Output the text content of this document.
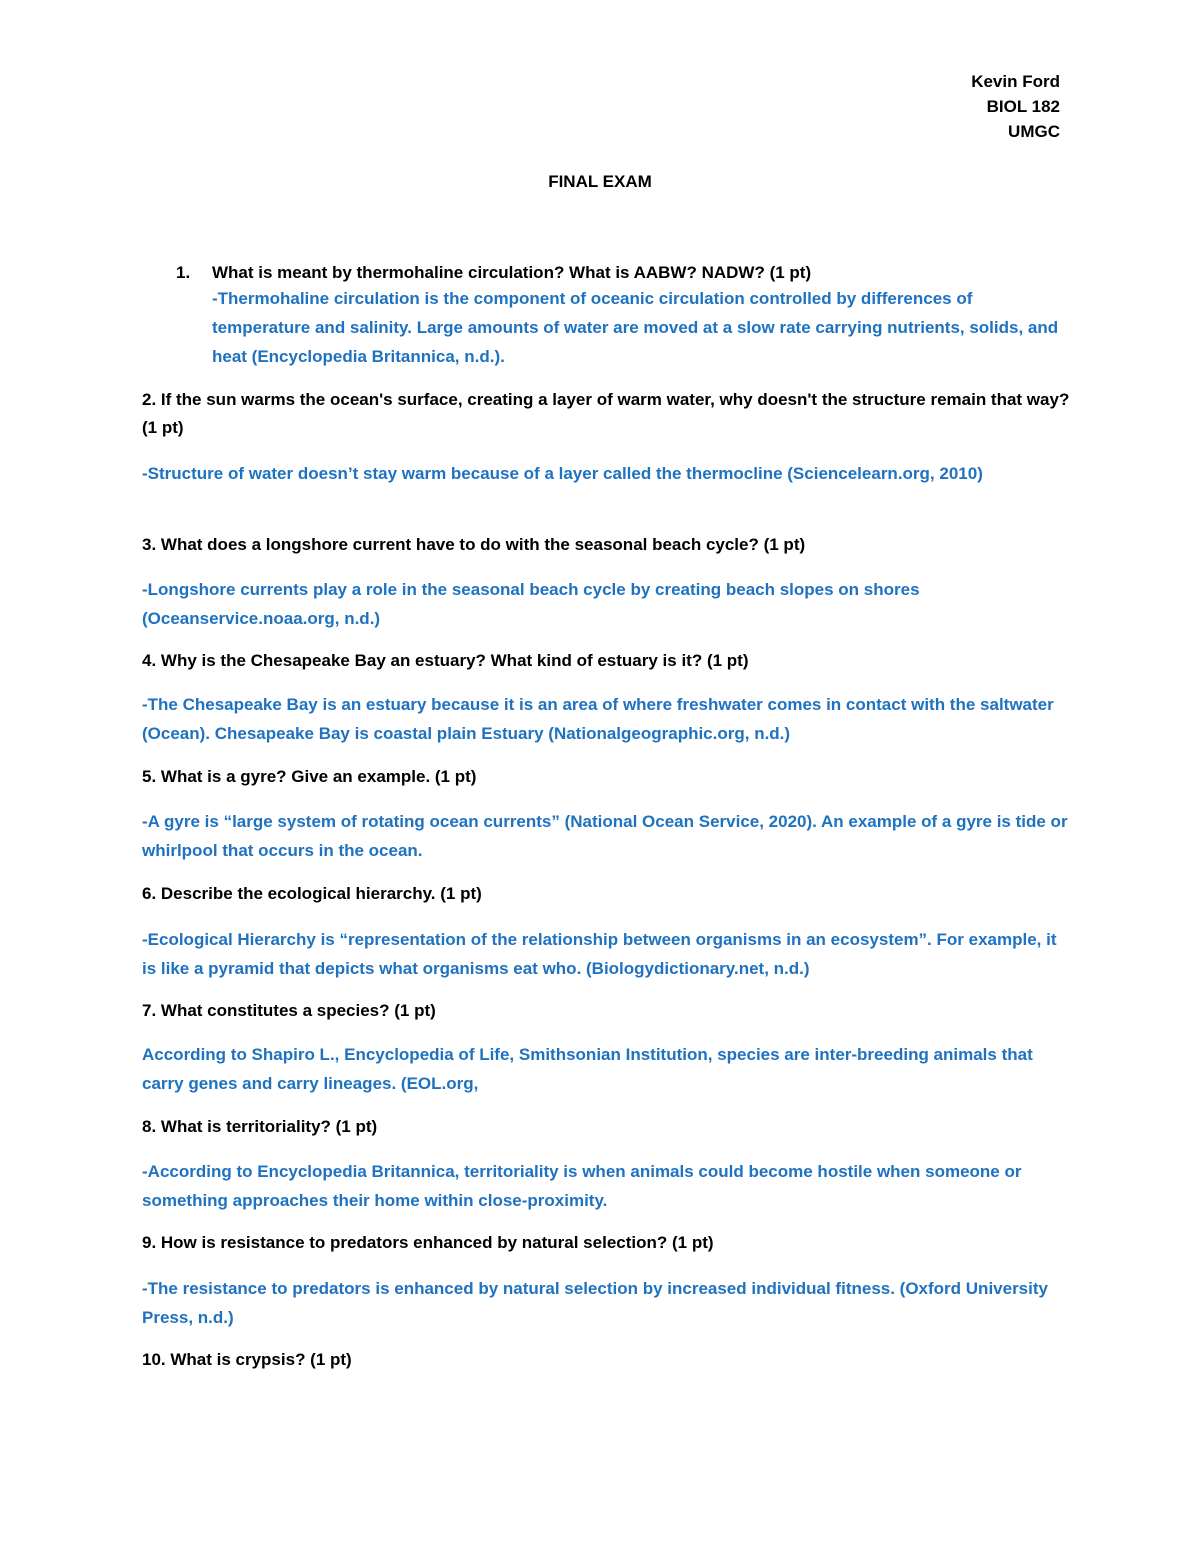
Kevin Ford
BIOL 182
UMGC
FINAL EXAM
1. What is meant by thermohaline circulation? What is AABW? NADW? (1 pt)
-Thermohaline circulation is the component of oceanic circulation controlled by differences of temperature and salinity. Large amounts of water are moved at a slow rate carrying nutrients, solids, and heat (Encyclopedia Britannica, n.d.).
2. If the sun warms the ocean's surface, creating a layer of warm water, why doesn't the structure remain that way? (1 pt)
-Structure of water doesn’t stay warm because of a layer called the thermocline (Sciencelearn.org, 2010)
3. What does a longshore current have to do with the seasonal beach cycle? (1 pt)
-Longshore currents play a role in the seasonal beach cycle by creating beach slopes on shores (Oceanservice.noaa.org, n.d.)
4. Why is the Chesapeake Bay an estuary? What kind of estuary is it? (1 pt)
-The Chesapeake Bay is an estuary because it is an area of where freshwater comes in contact with the saltwater (Ocean). Chesapeake Bay is coastal plain Estuary (Nationalgeographic.org, n.d.)
5. What is a gyre? Give an example. (1 pt)
-A gyre is “large system of rotating ocean currents” (National Ocean Service, 2020). An example of a gyre is tide or whirlpool that occurs in the ocean.
6. Describe the ecological hierarchy. (1 pt)
-Ecological Hierarchy is “representation of the relationship between organisms in an ecosystem”. For example, it is like a pyramid that depicts what organisms eat who. (Biologydictionary.net, n.d.)
7. What constitutes a species? (1 pt)
According to Shapiro L., Encyclopedia of Life, Smithsonian Institution, species are inter-breeding animals that carry genes and carry lineages. (EOL.org,
8. What is territoriality? (1 pt)
-According to Encyclopedia Britannica, territoriality is when animals could become hostile when someone or something approaches their home within close-proximity.
9. How is resistance to predators enhanced by natural selection? (1 pt)
-The resistance to predators is enhanced by natural selection by increased individual fitness. (Oxford University Press, n.d.)
10. What is crypsis? (1 pt)
